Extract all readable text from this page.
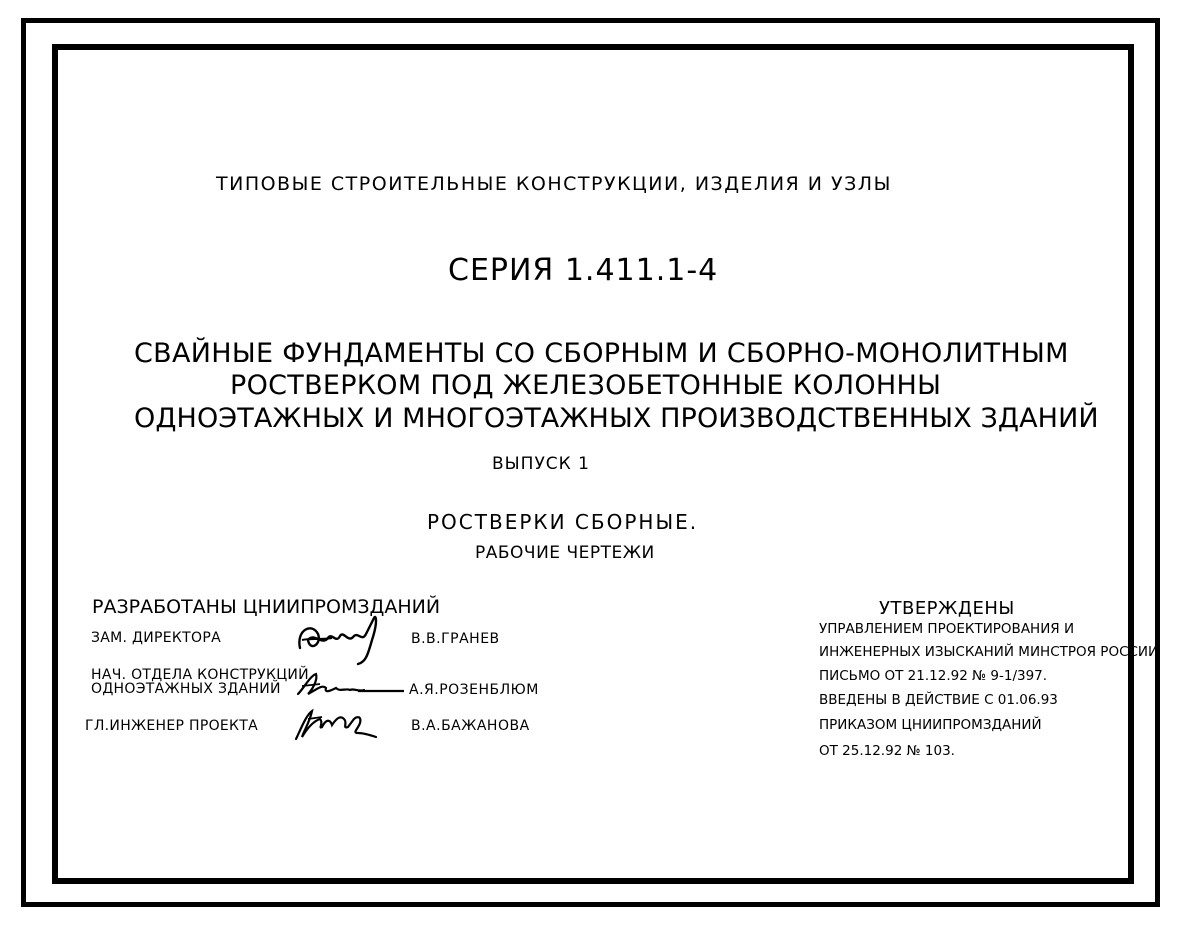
ТИПОВЫЕ СТРОИТЕЛЬНЫЕ КОНСТРУКЦИИ, ИЗДЕЛИЯ И УЗЛЫ
СЕРИЯ 1.411.1-4
СВАЙНЫЕ ФУНДАМЕНТЫ СО СБОРНЫМ И СБОРНО-МОНОЛИТНЫМ
РОСТВЕРКОМ ПОД ЖЕЛЕЗОБЕТОННЫЕ КОЛОННЫ
ОДНОЭТАЖНЫХ И МНОГОЭТАЖНЫХ ПРОИЗВОДСТВЕННЫХ ЗДАНИЙ
ВЫПУСК 1
РОСТВЕРКИ СБОРНЫЕ.
РАБОЧИЕ ЧЕРТЕЖИ
РАЗРАБОТАНЫ ЦНИИПРОМЗДАНИЙ
ЗАМ. ДИРЕКТОРА
НАЧ. ОТДЕЛА КОНСТРУКЦИЙ
ОДНОЭТАЖНЫХ ЗДАНИЙ
ГЛ.ИНЖЕНЕР ПРОЕКТА
В.В.ГРАНЕВ
А.Я.РОЗЕНБЛЮМ
В.А.БАЖАНОВА
УТВЕРЖДЕНЫ
УПРАВЛЕНИЕМ ПРОЕКТИРОВАНИЯ И
ИНЖЕНЕРНЫХ ИЗЫСКАНИЙ МИНСТРОЯ РОССИИ
ПИСЬМО ОТ 21.12.92 № 9-1/397.
ВВЕДЕНЫ В ДЕЙСТВИЕ С 01.06.93
ПРИКАЗОМ ЦНИИПРОМЗДАНИЙ
ОТ 25.12.92 № 103.
